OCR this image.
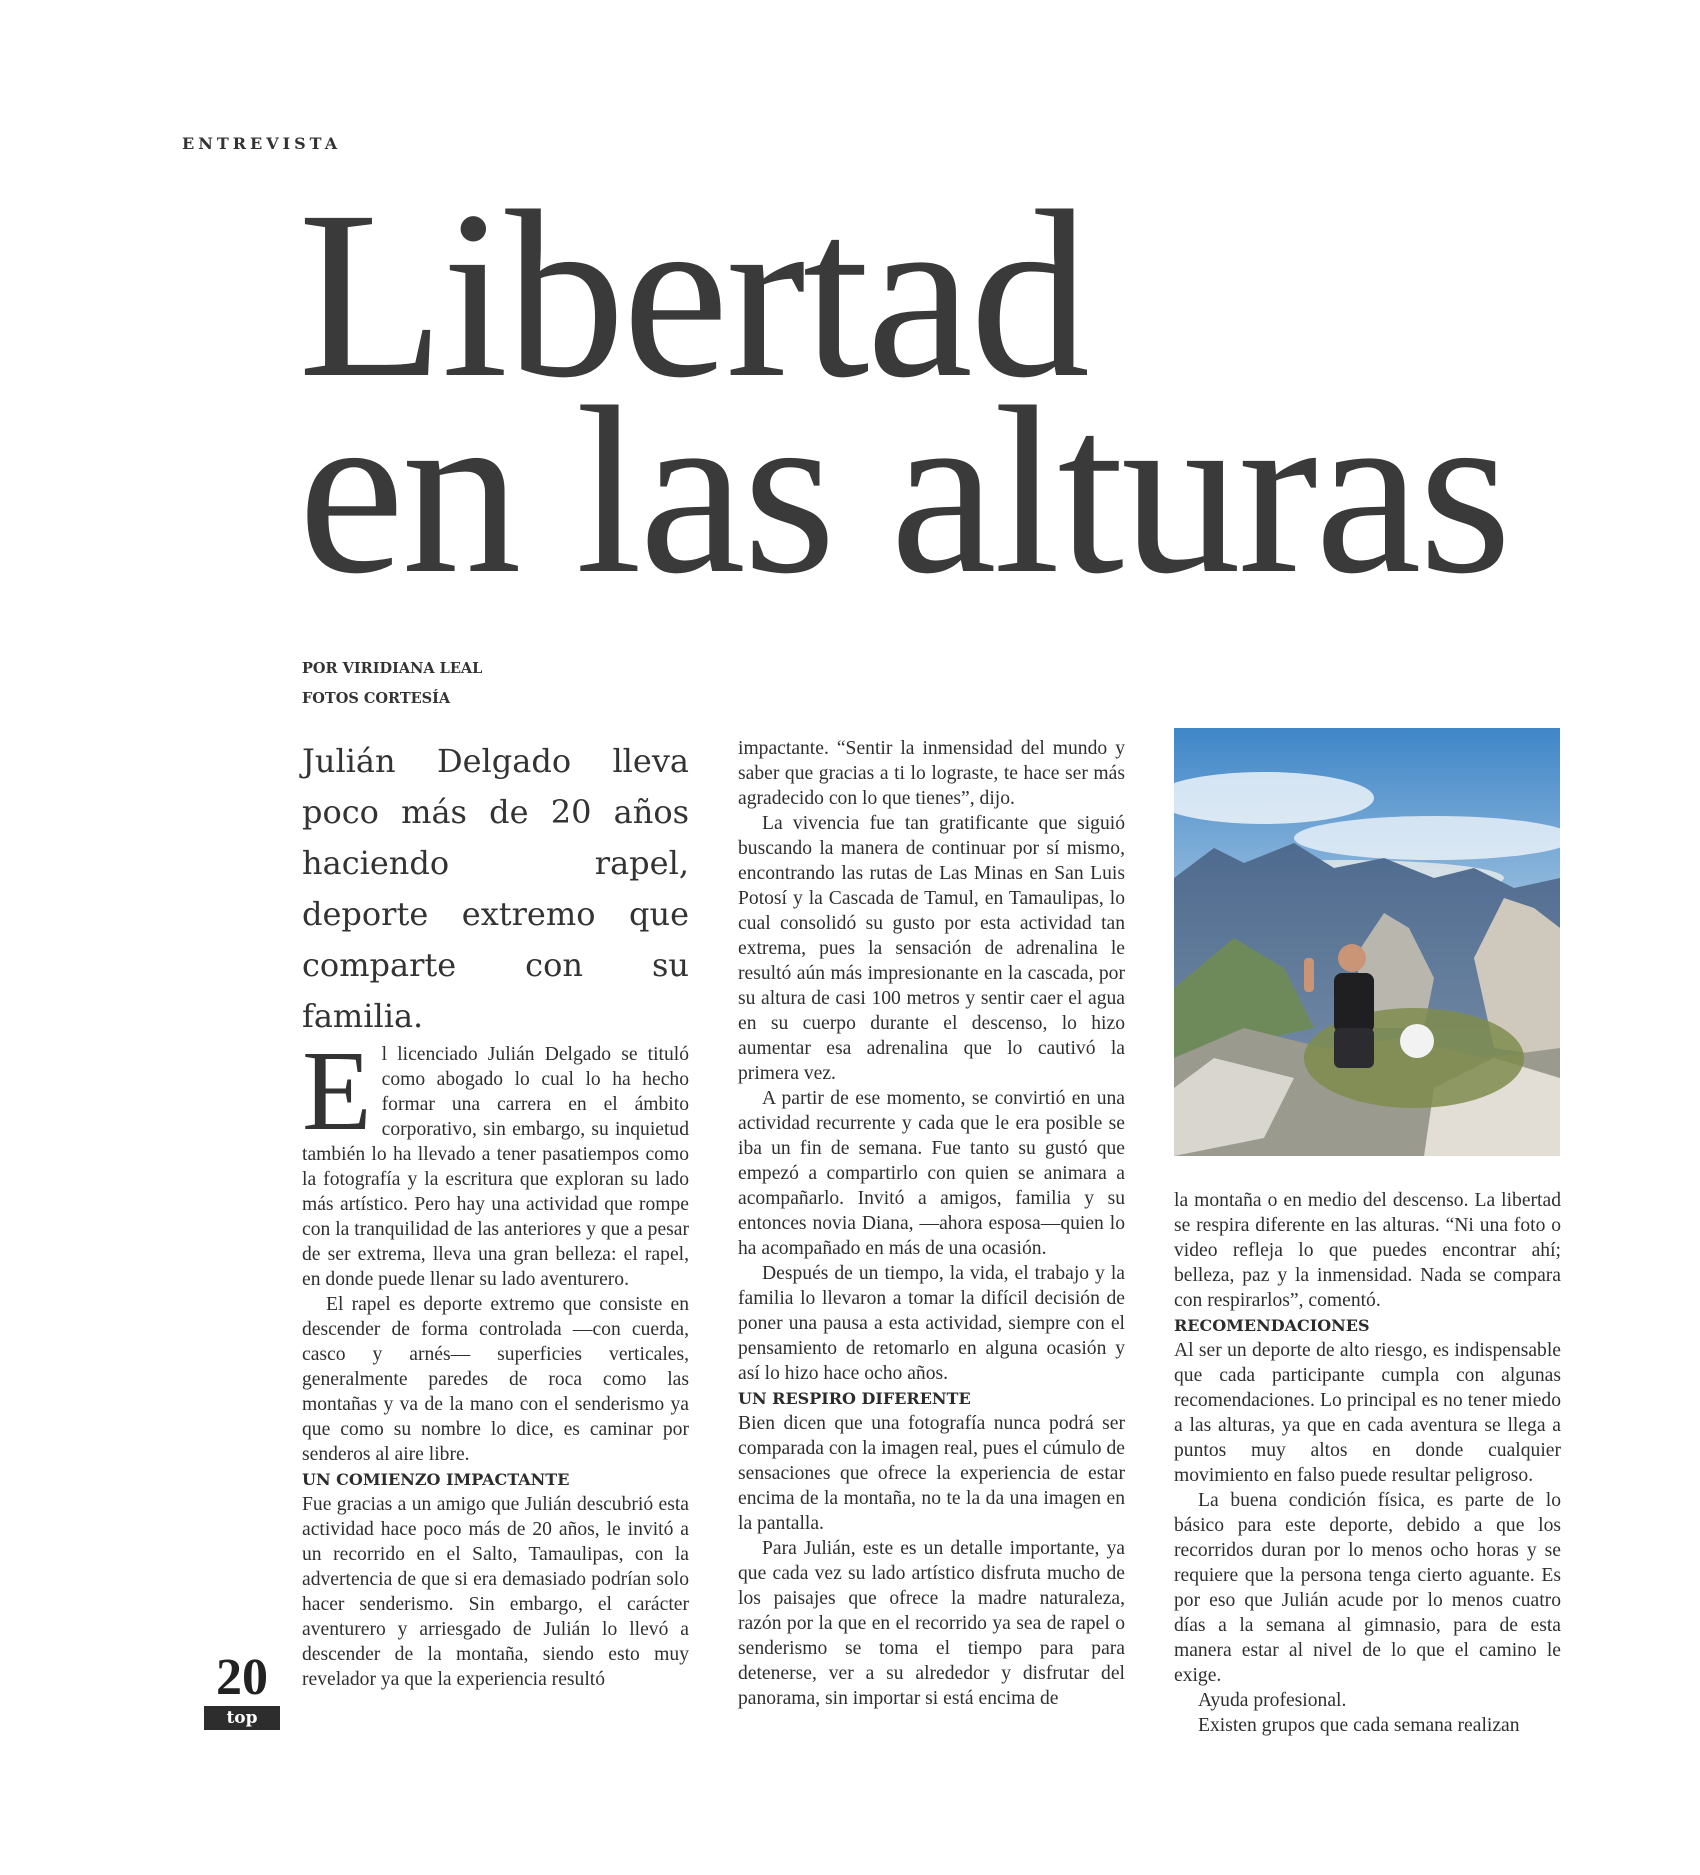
ENTREVISTA
Libertad
en las alturas
POR VIRIDIANA LEAL
FOTOS CORTESÍA

Julián Delgado lleva poco más de 20 años haciendo rapel, deporte extremo que comparte con su familia.

El licenciado Julián Delgado se tituló como abogado lo cual lo ha hecho formar una carrera en el ámbito corporativo, sin embargo, su inquietud también lo ha llevado a tener pasatiempos como la fotografía y la escritura que exploran su lado más artístico. Pero hay una actividad que rompe con la tranquilidad de las anteriores y que a pesar de ser extrema, lleva una gran belleza: el rapel, en donde puede llenar su lado aventurero.

El rapel es deporte extremo que consiste en descender de forma controlada —con cuerda, casco y arnés— superficies verticales, generalmente paredes de roca como las montañas y va de la mano con el senderismo ya que como su nombre lo dice, es caminar por senderos al aire libre.

UN COMIENZO IMPACTANTE

Fue gracias a un amigo que Julián descubrió esta actividad hace poco más de 20 años, le invitó a un recorrido en el Salto, Tamaulipas, con la advertencia de que si era demasiado podrían solo hacer senderismo. Sin embargo, el carácter aventurero y arriesgado de Julián lo llevó a descender de la montaña, siendo esto muy revelador ya que la experiencia resultó

impactante. “Sentir la inmensidad del mundo y saber que gracias a ti lo lograste, te hace ser más agradecido con lo que tienes”, dijo.

La vivencia fue tan gratificante que siguió buscando la manera de continuar por sí mismo, encontrando las rutas de Las Minas en San Luis Potosí y la Cascada de Tamul, en Tamaulipas, lo cual consolidó su gusto por esta actividad tan extrema, pues la sensación de adrenalina le resultó aún más impresionante en la cascada, por su altura de casi 100 metros y sentir caer el agua en su cuerpo durante el descenso, lo hizo aumentar esa adrenalina que lo cautivó la primera vez.

A partir de ese momento, se convirtió en una actividad recurrente y cada que le era posible se iba un fin de semana. Fue tanto su gustó que empezó a compartirlo con quien se animara a acompañarlo. Invitó a amigos, familia y su entonces novia Diana, —ahora esposa—quien lo ha acompañado en más de una ocasión.

Después de un tiempo, la vida, el trabajo y la familia lo llevaron a tomar la difícil decisión de poner una pausa a esta actividad, siempre con el pensamiento de retomarlo en alguna ocasión y así lo hizo hace ocho años.

UN RESPIRO DIFERENTE

Bien dicen que una fotografía nunca podrá ser comparada con la imagen real, pues el cúmulo de sensaciones que ofrece la experiencia de estar encima de la montaña, no te la da una imagen en la pantalla.

Para Julián, este es un detalle importante, ya que cada vez su lado artístico disfruta mucho de los paisajes que ofrece la madre naturaleza, razón por la que en el recorrido ya sea de rapel o senderismo se toma el tiempo para para detenerse, ver a su alrededor y disfrutar del panorama, sin importar si está encima de

la montaña o en medio del descenso. La libertad se respira diferente en las alturas. “Ni una foto o video refleja lo que puedes encontrar ahí; belleza, paz y la inmensidad. Nada se compara con respirarlos”, comentó.

RECOMENDACIONES

Al ser un deporte de alto riesgo, es indispensable que cada participante cumpla con algunas recomendaciones. Lo principal es no tener miedo a las alturas, ya que en cada aventura se llega a puntos muy altos en donde cualquier movimiento en falso puede resultar peligroso.

La buena condición física, es parte de lo básico para este deporte, debido a que los recorridos duran por lo menos ocho horas y se requiere que la persona tenga cierto aguante. Es por eso que Julián acude por lo menos cuatro días a la semana al gimnasio, para de esta manera estar al nivel de lo que el camino le exige.

Ayuda profesional.

Existen grupos que cada semana realizan

20
top
